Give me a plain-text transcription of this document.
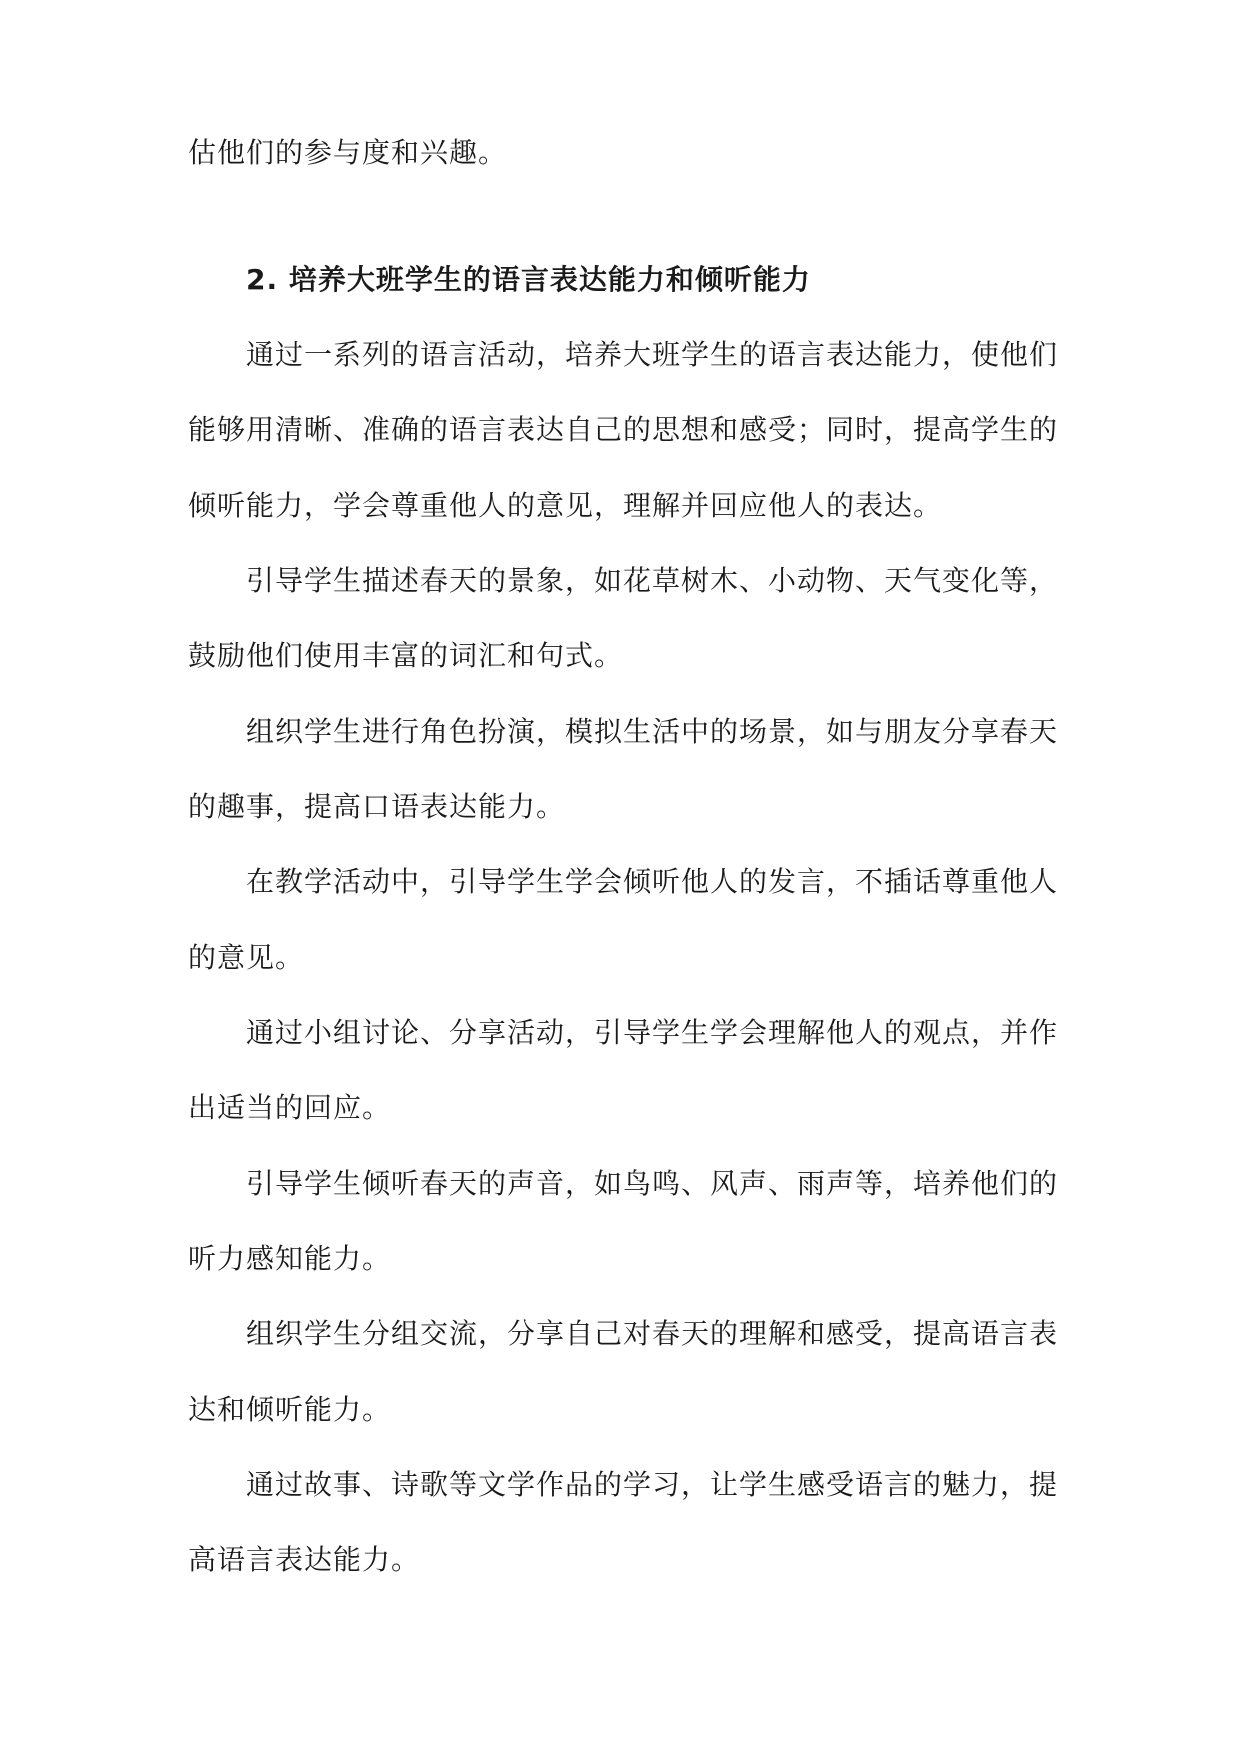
估他们的参与度和兴趣。
2. 培养大班学生的语言表达能力和倾听能力
通过一系列的语言活动，培养大班学生的语言表达能力，使他们
能够用清晰、准确的语言表达自己的思想和感受；同时，提高学生的
倾听能力，学会尊重他人的意见，理解并回应他人的表达。
引导学生描述春天的景象，如花草树木、小动物、天气变化等，
鼓励他们使用丰富的词汇和句式。
组织学生进行角色扮演，模拟生活中的场景，如与朋友分享春天
的趣事，提高口语表达能力。
在教学活动中，引导学生学会倾听他人的发言，不插话尊重他人
的意见。
通过小组讨论、分享活动，引导学生学会理解他人的观点，并作
出适当的回应。
引导学生倾听春天的声音，如鸟鸣、风声、雨声等，培养他们的
听力感知能力。
组织学生分组交流，分享自己对春天的理解和感受，提高语言表
达和倾听能力。
通过故事、诗歌等文学作品的学习，让学生感受语言的魅力，提
高语言表达能力。
